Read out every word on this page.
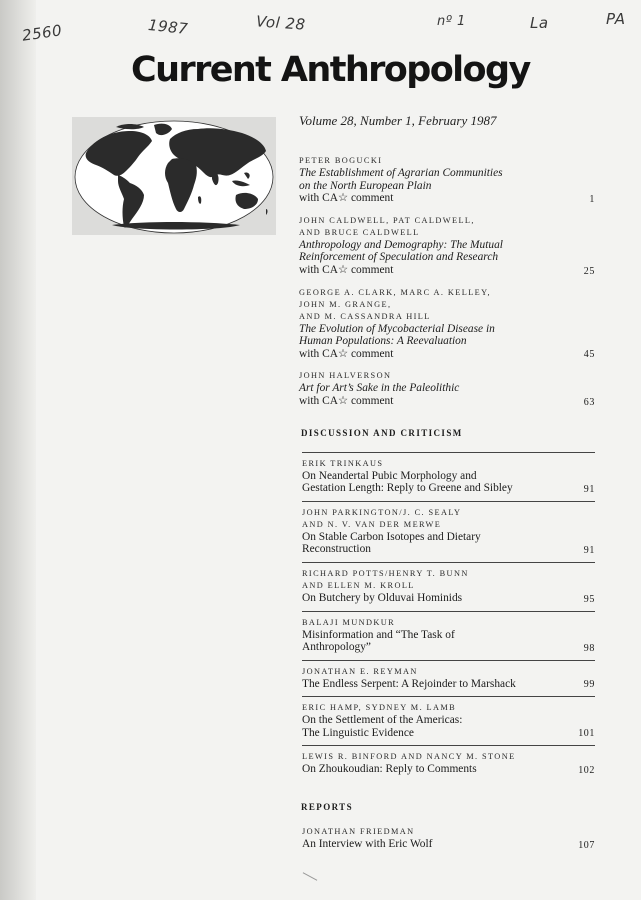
2560	1987	Vol 28	nº 1	La	PA
Current Anthropology
Volume 28, Number 1, February 1987
PETER BOGUCKI
The Establishment of Agrarian Communities
on the North European Plain
with CA☆ comment	1
JOHN CALDWELL, PAT CALDWELL,
AND BRUCE CALDWELL
Anthropology and Demography: The Mutual
Reinforcement of Speculation and Research
with CA☆ comment	25
GEORGE A. CLARK, MARC A. KELLEY,
JOHN M. GRANGE,
AND M. CASSANDRA HILL
The Evolution of Mycobacterial Disease in
Human Populations: A Reevaluation
with CA☆ comment	45
JOHN HALVERSON
Art for Art’s Sake in the Paleolithic
with CA☆ comment	63
DISCUSSION AND CRITICISM
ERIK TRINKAUS
On Neandertal Pubic Morphology and
Gestation Length: Reply to Greene and Sibley	91
JOHN PARKINGTON/J. C. SEALY
AND N. V. VAN DER MERWE
On Stable Carbon Isotopes and Dietary
Reconstruction	91
RICHARD POTTS/HENRY T. BUNN
AND ELLEN M. KROLL
On Butchery by Olduvai Hominids	95
BALAJI MUNDKUR
Misinformation and “The Task of
Anthropology”	98
JONATHAN E. REYMAN
The Endless Serpent: A Rejoinder to Marshack	99
ERIC HAMP, SYDNEY M. LAMB
On the Settlement of the Americas:
The Linguistic Evidence	101
LEWIS R. BINFORD AND NANCY M. STONE
On Zhoukoudian: Reply to Comments	102
REPORTS
JONATHAN FRIEDMAN
An Interview with Eric Wolf	107
